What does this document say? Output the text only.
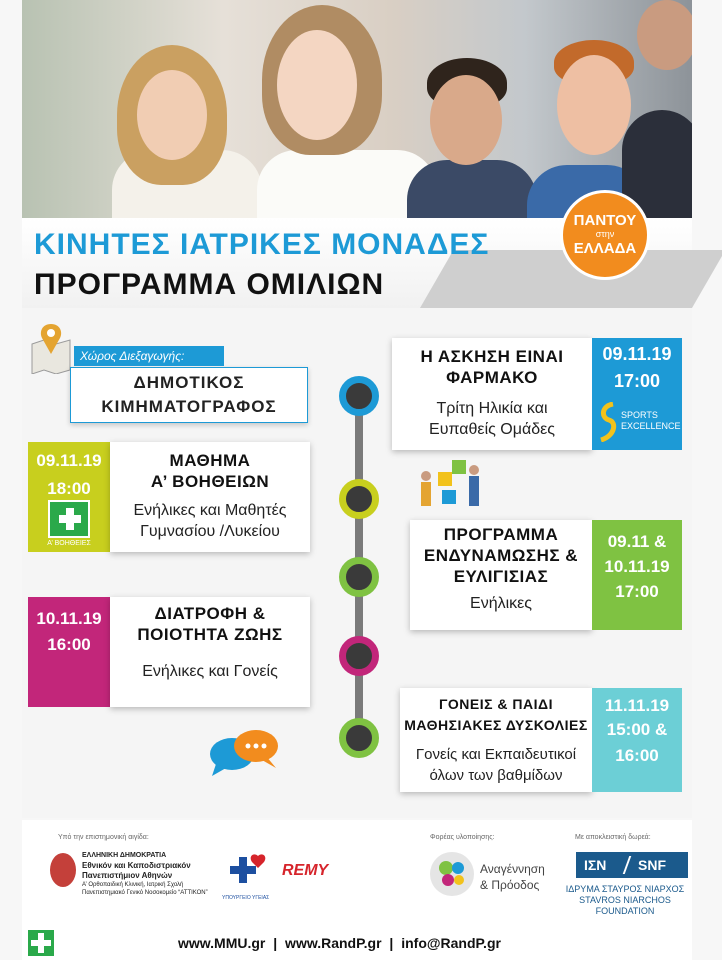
ΚΙΝΗΤΕΣ ΙΑΤΡΙΚΕΣ ΜΟΝΑΔΕΣ
ΠΡΟΓΡΑΜΜΑ ΟΜΙΛΙΩΝ
ΠΑΝΤΟΥ
στην
ΕΛΛΑΔΑ
Χώρος Διεξαγωγής:
ΔΗΜΟΤΙΚΟΣ
ΚΙΜΗΜΑΤΟΓΡΑΦΟΣ
Η ΑΣΚΗΣΗ ΕΙΝΑΙ
ΦΑΡΜΑΚΟ
Τρίτη Ηλικία και
Ευπαθείς Ομάδες
09.11.19
17:00
SPORTS
EXCELLENCE
09.11.19
18:00
Α’ ΒΟΗΘΕΙΕΣ
ΜΑΘΗΜΑ
Α’ ΒΟΗΘΕΙΩΝ
Ενήλικες και Μαθητές
Γυμνασίου /Λυκείου	ΠΡΟΓΡΑΜΜΑ
ΕΝΔΥΝΑΜΩΣΗΣ &
ΕΥΛΙΓΙΣΙΑΣ
Ενήλικες
09.11 &
10.11.19
17:00
10.11.19
16:00
ΔΙΑΤΡΟΦΗ &
ΠΟΙΟΤΗΤΑ ΖΩΗΣ
Ενήλικες και Γονείς
ΓΟΝΕΙΣ & ΠΑΙΔΙ
ΜΑΘΗΣΙΑΚΕΣ ΔΥΣΚΟΛΙΕΣ
Γονείς και Εκπαιδευτικοί
όλων των βαθμίδων
11.11.19
15:00 &
16:00
Υπό την επιστημονική αιγίδα:
ΕΛΛΗΝΙΚΗ ΔΗΜΟΚΡΑΤΙΑ
Εθνικόν και Καποδιστριακόν
Πανεπιστήμιον Αθηνών
Α’ Ορθοπαιδική Κλινική, Ιατρική Σχολή
Πανεπιστημιακό Γενικό Νοσοκομείο “ΑΤΤΙΚΟΝ”
ΥΠΟΥΡΓΕΙΟ ΥΓΕΙΑΣ
REMY
Φορέας υλοποίησης:
Αναγέννηση
& Πρόοδος
Με αποκλειστική δωρεά:
ΙΣΝ SNF
ΙΔΡΥΜΑ ΣΤΑΥΡΟΣ ΝΙΑΡΧΟΣ
STAVROS NIARCHOS
FOUNDATION
www.MMU.gr | www.RandP.gr | info@RandP.gr
